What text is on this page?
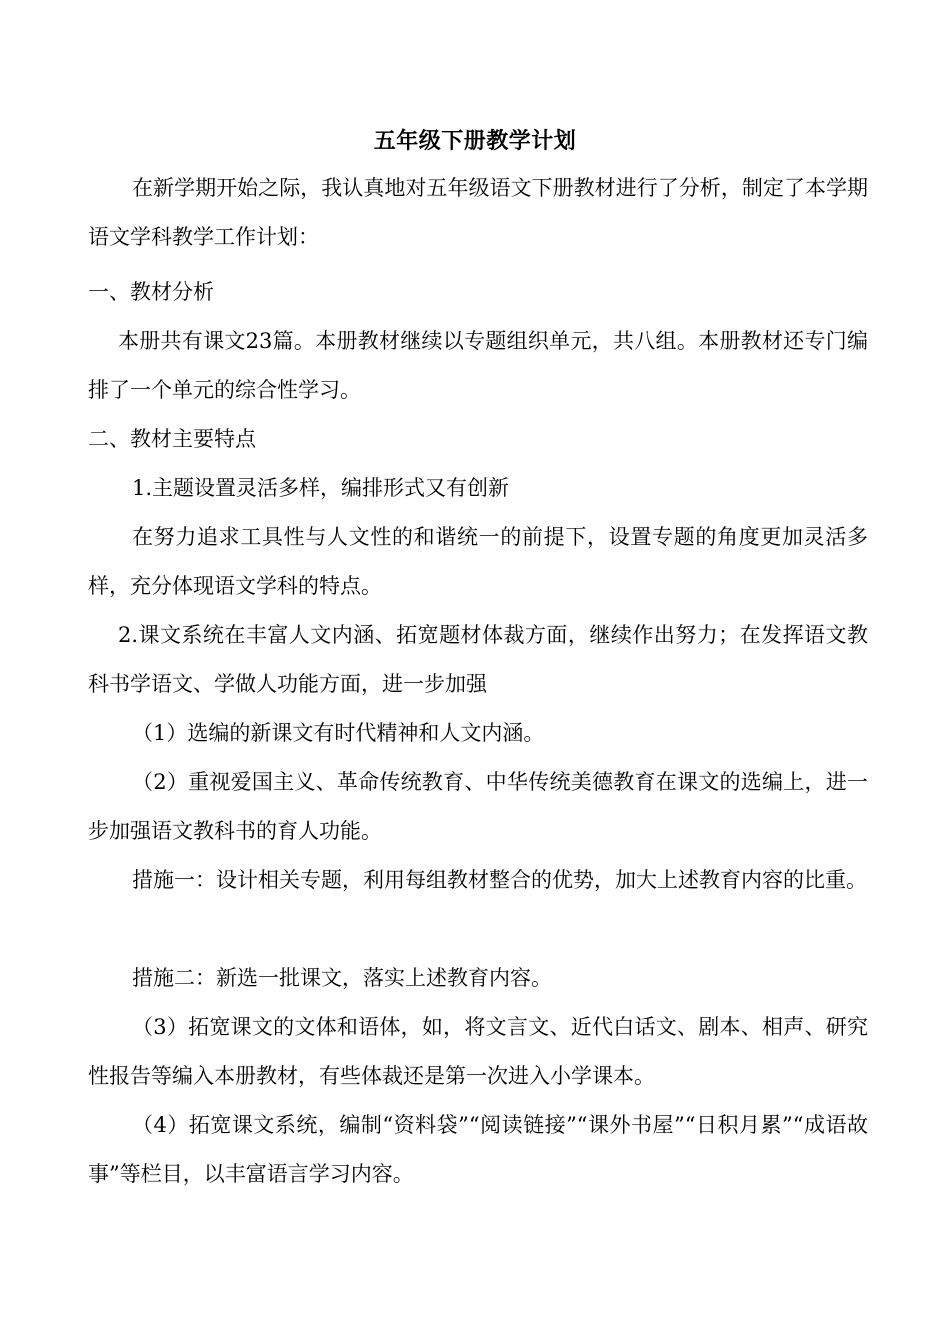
五年级下册教学计划
在新学期开始之际，我认真地对五年级语文下册教材进行了分析，制定了本学期语文学科教学工作计划：
一、教材分析
本册共有课文23篇。本册教材继续以专题组织单元，共八组。本册教材还专门编排了一个单元的综合性学习。
二、教材主要特点
1.主题设置灵活多样，编排形式又有创新
在努力追求工具性与人文性的和谐统一的前提下，设置专题的角度更加灵活多样，充分体现语文学科的特点。
2.课文系统在丰富人文内涵、拓宽题材体裁方面，继续作出努力；在发挥语文教科书学语文、学做人功能方面，进一步加强
（1）选编的新课文有时代精神和人文内涵。
（2）重视爱国主义、革命传统教育、中华传统美德教育在课文的选编上，进一步加强语文教科书的育人功能。
措施一：设计相关专题，利用每组教材整合的优势，加大上述教育内容的比重。
措施二：新选一批课文，落实上述教育内容。
（3）拓宽课文的文体和语体，如，将文言文、近代白话文、剧本、相声、研究性报告等编入本册教材，有些体裁还是第一次进入小学课本。
（4）拓宽课文系统，编制“资料袋”“阅读链接”“课外书屋”“日积月累”“成语故事”等栏目，以丰富语言学习内容。
